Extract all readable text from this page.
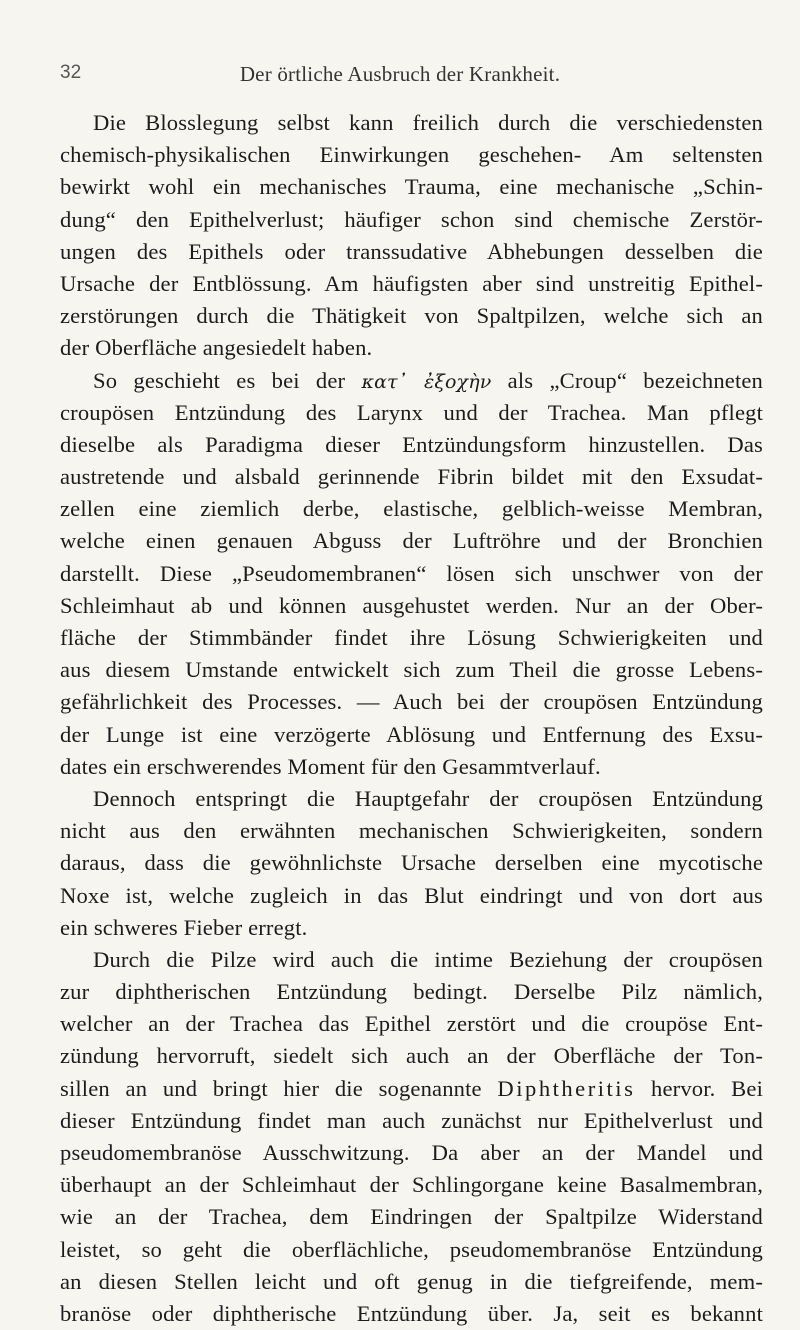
32	Der örtliche Ausbruch der Krankheit.
Die Blosslegung selbst kann freilich durch die verschiedensten
chemisch-physikalischen Einwirkungen geschehen- Am seltensten
bewirkt wohl ein mechanisches Trauma, eine mechanische „Schin-
dung“ den Epithelverlust; häufiger schon sind chemische Zerstör-
ungen des Epithels oder transsudative Abhebungen desselben die
Ursache der Entblössung. Am häufigsten aber sind unstreitig Epithel-
zerstörungen durch die Thätigkeit von Spaltpilzen, welche sich an
der Oberfläche angesiedelt haben.
So geschieht es bei der κατ᾽ ἐξοχὴν als „Croup“ bezeichneten
croupösen Entzündung des Larynx und der Trachea. Man pflegt
dieselbe als Paradigma dieser Entzündungsform hinzustellen. Das
austretende und alsbald gerinnende Fibrin bildet mit den Exsudat-
zellen eine ziemlich derbe, elastische, gelblich-weisse Membran,
welche einen genauen Abguss der Luftröhre und der Bronchien
darstellt. Diese „Pseudomembranen“ lösen sich unschwer von der
Schleimhaut ab und können ausgehustet werden. Nur an der Ober-
fläche der Stimmbänder findet ihre Lösung Schwierigkeiten und
aus diesem Umstande entwickelt sich zum Theil die grosse Lebens-
gefährlichkeit des Processes. — Auch bei der croupösen Entzündung
der Lunge ist eine verzögerte Ablösung und Entfernung des Exsu-
dates ein erschwerendes Moment für den Gesammtverlauf.
Dennoch entspringt die Hauptgefahr der croupösen Entzündung
nicht aus den erwähnten mechanischen Schwierigkeiten, sondern
daraus, dass die gewöhnlichste Ursache derselben eine mycotische
Noxe ist, welche zugleich in das Blut eindringt und von dort aus
ein schweres Fieber erregt.
Durch die Pilze wird auch die intime Beziehung der croupösen
zur diphtherischen Entzündung bedingt. Derselbe Pilz nämlich,
welcher an der Trachea das Epithel zerstört und die croupöse Ent-
zündung hervorruft, siedelt sich auch an der Oberfläche der Ton-
sillen an und bringt hier die sogenannte Diphtheritis hervor. Bei
dieser Entzündung findet man auch zunächst nur Epithelverlust und
pseudomembranöse Ausschwitzung. Da aber an der Mandel und
überhaupt an der Schleimhaut der Schlingorgane keine Basalmembran,
wie an der Trachea, dem Eindringen der Spaltpilze Widerstand
leistet, so geht die oberflächliche, pseudomembranöse Entzündung
an diesen Stellen leicht und oft genug in die tiefgreifende, mem-
branöse oder diphtherische Entzündung über. Ja, seit es bekannt
